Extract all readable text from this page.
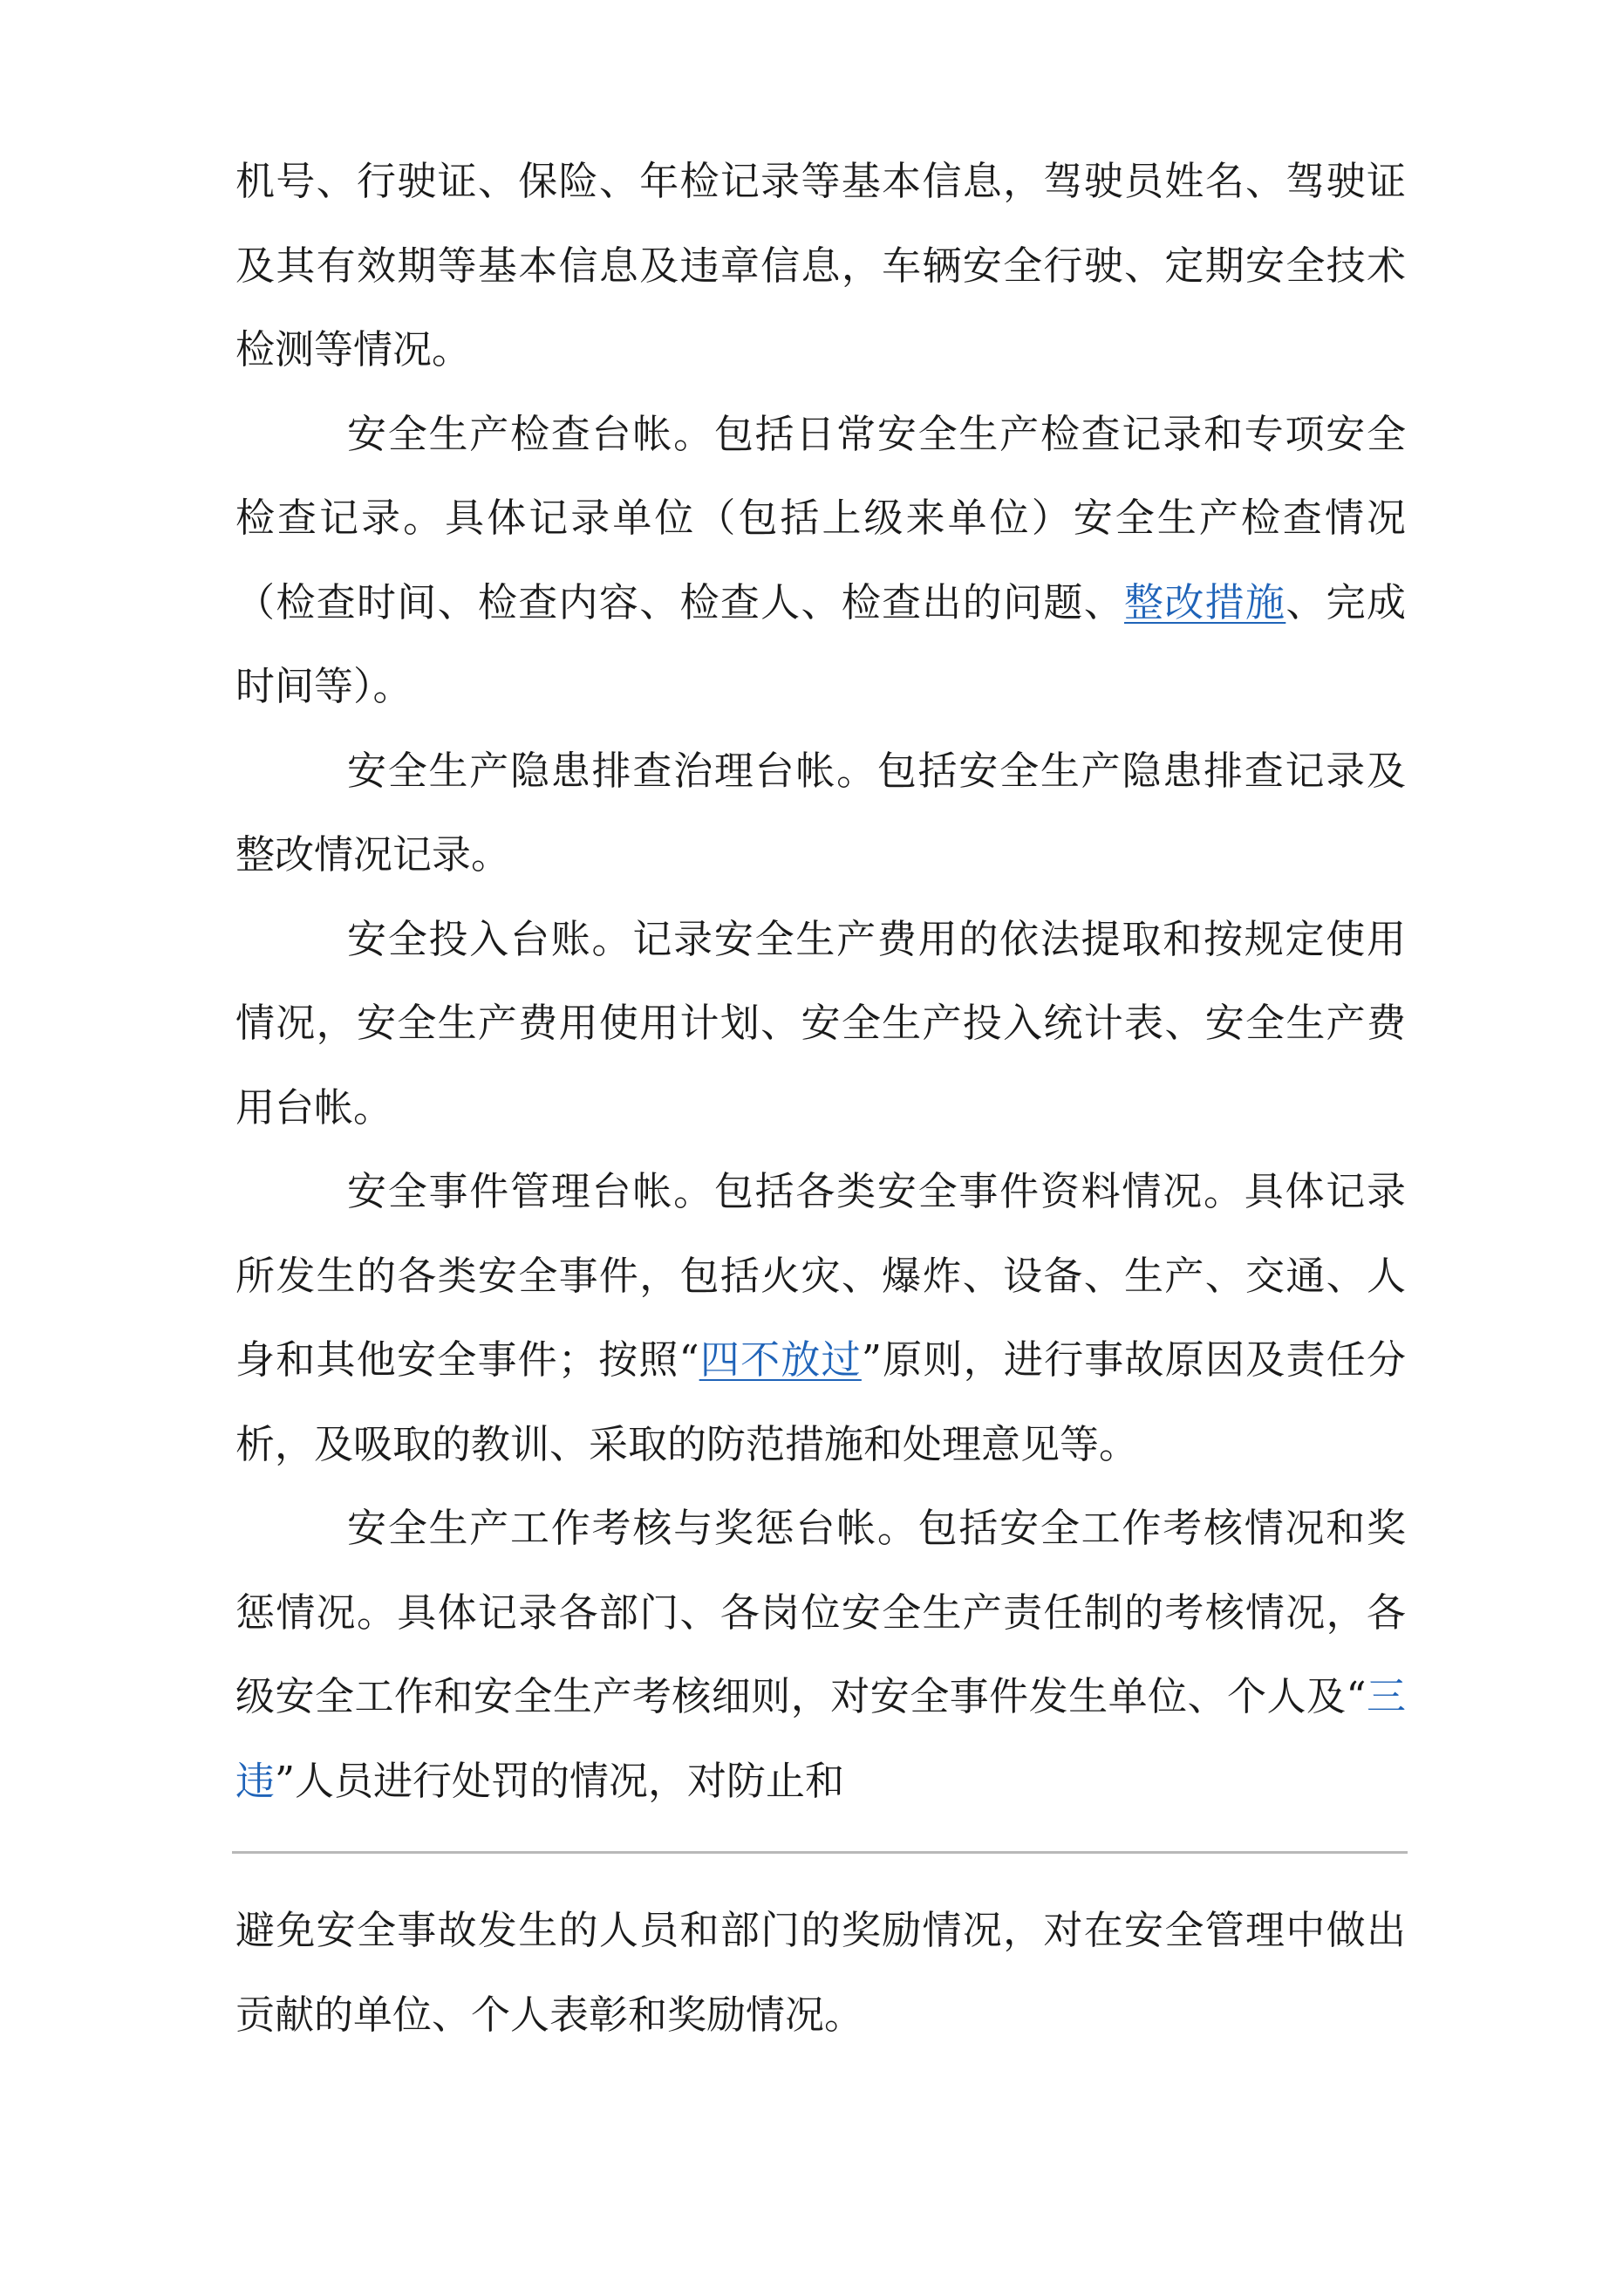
机号、行驶证、保险、年检记录等基本信息，驾驶员姓名、驾驶证及其有效期等基本信息及违章信息，车辆安全行驶、定期安全技术检测等情况。

安全生产检查台帐。包括日常安全生产检查记录和专项安全检查记录。具体记录单位（包括上级来单位）安全生产检查情况（检查时间、检查内容、检查人、检查出的问题、整改措施、完成时间等）。

安全生产隐患排查治理台帐。包括安全生产隐患排查记录及整改情况记录。

安全投入台账。记录安全生产费用的依法提取和按规定使用情况，安全生产费用使用计划、安全生产投入统计表、安全生产费用台帐。

安全事件管理台帐。包括各类安全事件资料情况。具体记录所发生的各类安全事件，包括火灾、爆炸、设备、生产、交通、人身和其他安全事件；按照“四不放过”原则，进行事故原因及责任分析，及吸取的教训、采取的防范措施和处理意见等。

安全生产工作考核与奖惩台帐。包括安全工作考核情况和奖惩情况。具体记录各部门、各岗位安全生产责任制的考核情况，各级安全工作和安全生产考核细则，对安全事件发生单位、个人及“三违”人员进行处罚的情况，对防止和

避免安全事故发生的人员和部门的奖励情况，对在安全管理中做出贡献的单位、个人表彰和奖励情况。
